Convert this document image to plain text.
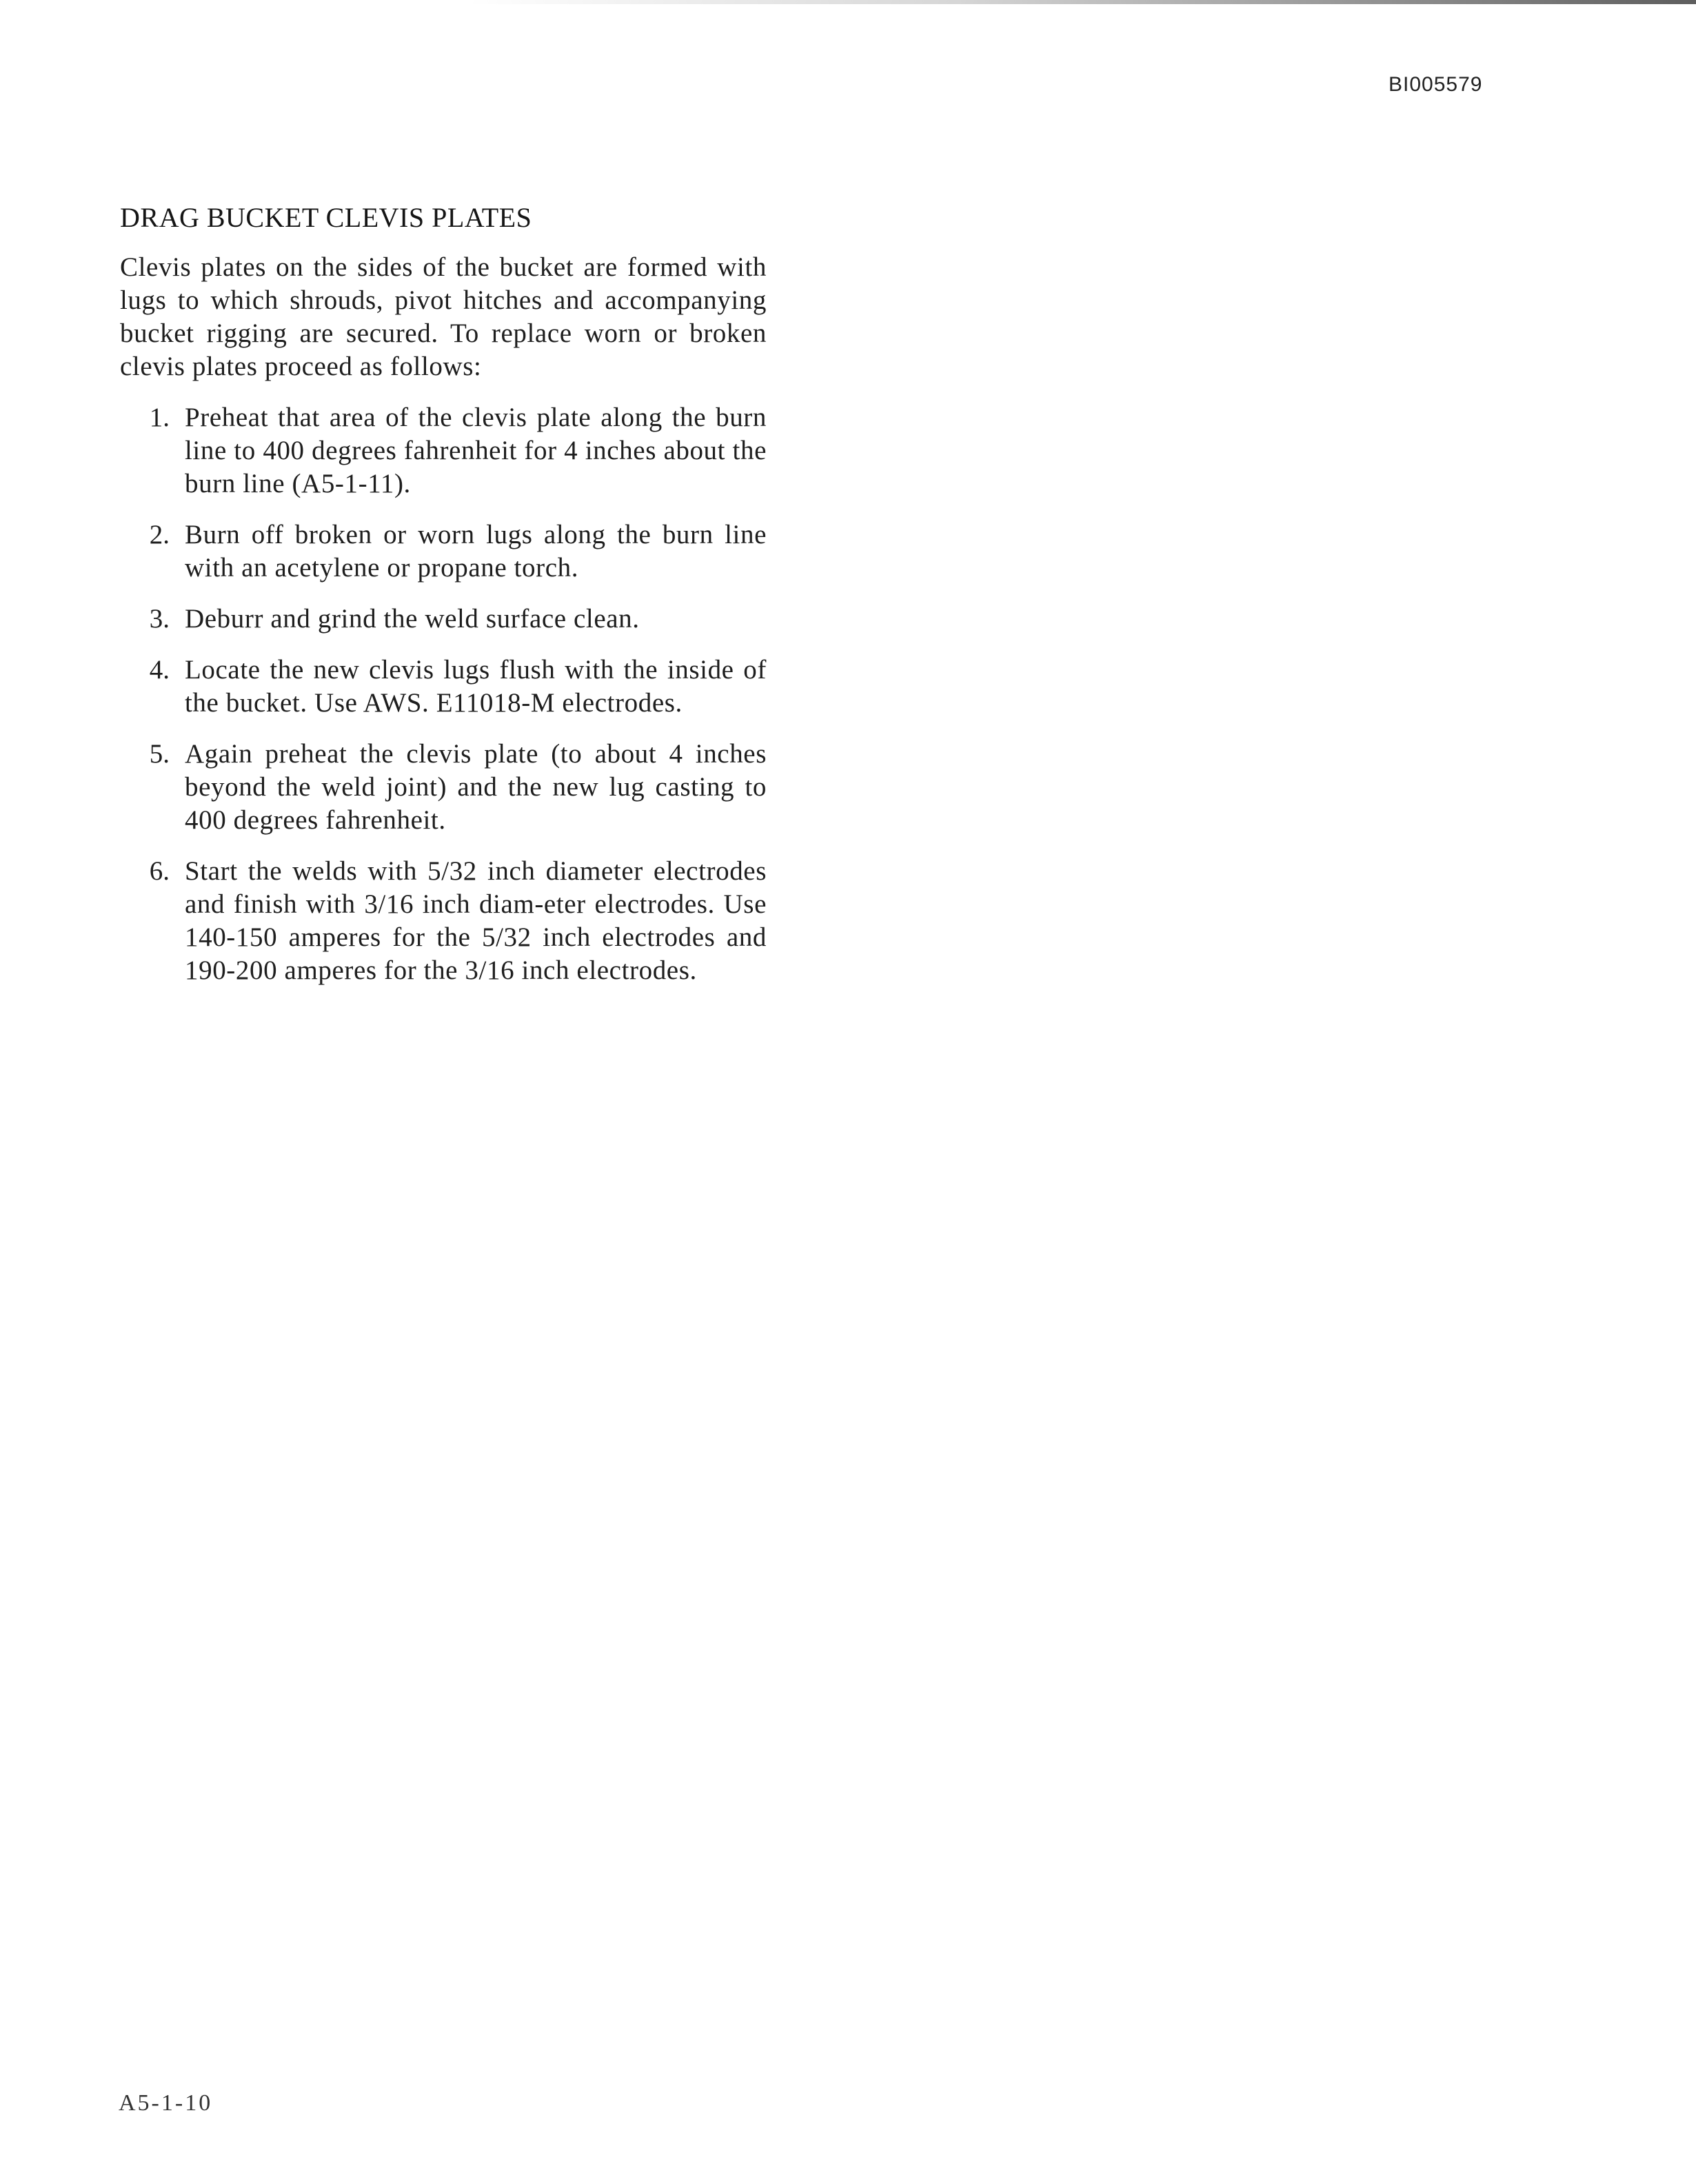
BI005579
DRAG BUCKET CLEVIS PLATES

Clevis plates on the sides of the bucket are formed with lugs to which shrouds, pivot hitches and accompanying bucket rigging are secured. To replace worn or broken clevis plates proceed as follows:

1. Preheat that area of the clevis plate along the burn line to 400 degrees fahrenheit for 4 inches about the burn line (A5-1-11).
2. Burn off broken or worn lugs along the burn line with an acetylene or propane torch.
3. Deburr and grind the weld surface clean.
4. Locate the new clevis lugs flush with the inside of the bucket. Use AWS. E11018-M electrodes.
5. Again preheat the clevis plate (to about 4 inches beyond the weld joint) and the new lug casting to 400 degrees fahrenheit.
6. Start the welds with 5/32 inch diameter electrodes and finish with 3/16 inch diam-eter electrodes. Use 140-150 amperes for the 5/32 inch electrodes and 190-200 amperes for the 3/16 inch electrodes.
A5-1-10
